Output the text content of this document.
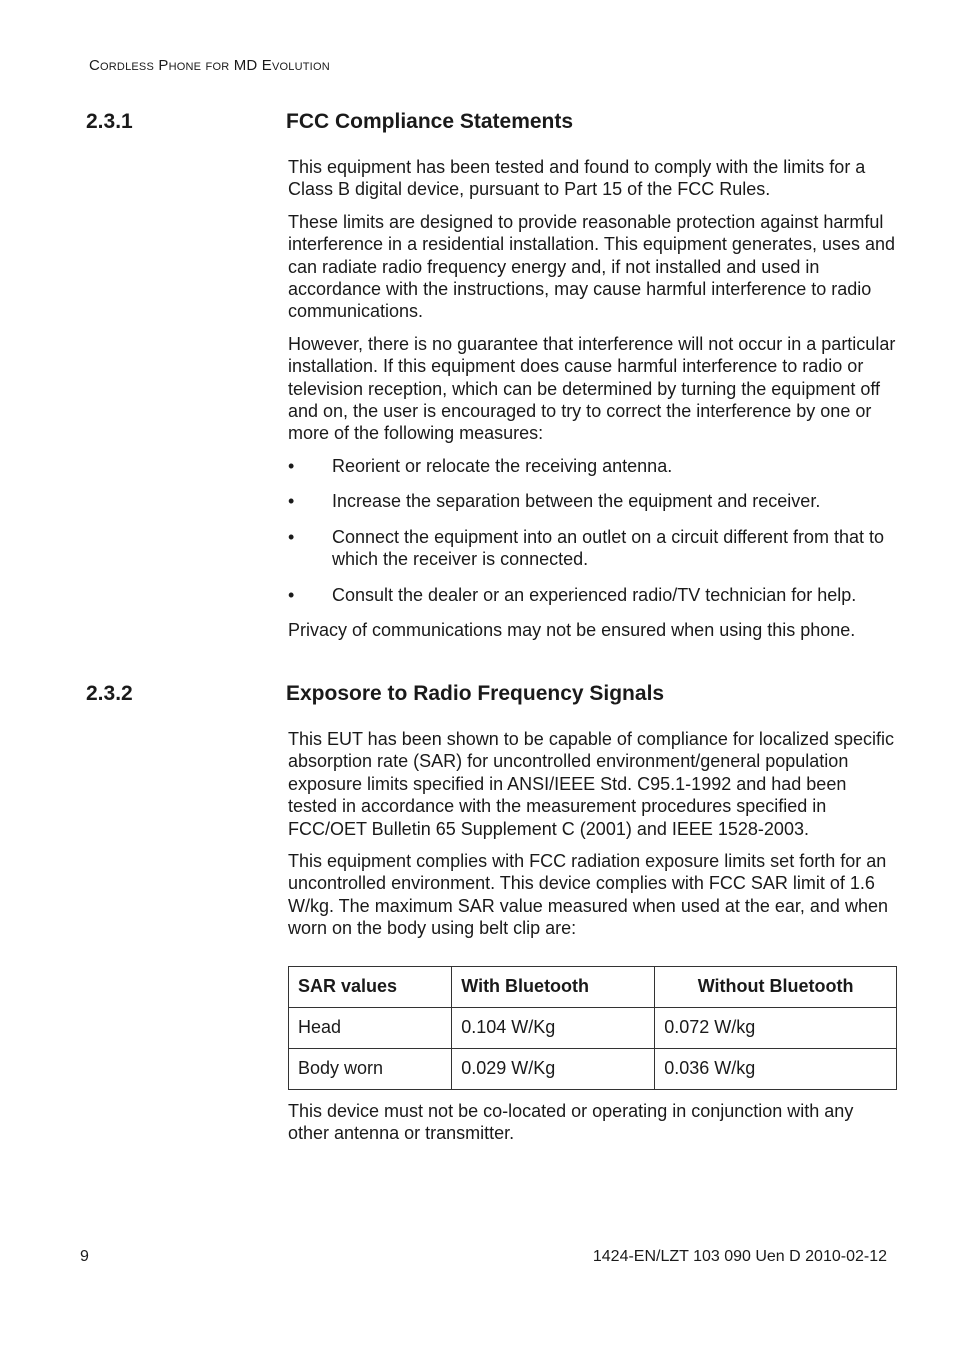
Cordless Phone for MD Evolution
2.3.1	FCC Compliance Statements

This equipment has been tested and found to comply with the limits for a Class B digital device, pursuant to Part 15 of the FCC Rules.

These limits are designed to provide reasonable protection against harmful interference in a residential installation. This equipment generates, uses and can radiate radio frequency energy and, if not installed and used in accordance with the instructions, may cause harmful interference to radio communications.

However, there is no guarantee that interference will not occur in a particular installation. If this equipment does cause harmful interference to radio or television reception, which can be determined by turning the equipment off and on, the user is encouraged to try to correct the interference by one or more of the following measures:

• Reorient or relocate the receiving antenna.
• Increase the separation between the equipment and receiver.
• Connect the equipment into an outlet on a circuit different from that to which the receiver is connected.
• Consult the dealer or an experienced radio/TV technician for help.

Privacy of communications may not be ensured when using this phone.

2.3.2	Exposore to Radio Frequency Signals

This EUT has been shown to be capable of compliance for localized specific absorption rate (SAR) for uncontrolled environment/general population exposure limits specified in ANSI/IEEE Std. C95.1-1992 and had been tested in accordance with the measurement procedures specified in FCC/OET Bulletin 65 Supplement C (2001) and IEEE 1528-2003.

This equipment complies with FCC radiation exposure limits set forth for an uncontrolled environment. This device complies with FCC SAR limit of 1.6 W/kg. The maximum SAR value measured when used at the ear, and when worn on the body using belt clip are:

SAR values	With Bluetooth	Without Bluetooth
Head	0.104 W/Kg	0.072 W/kg
Body worn	0.029 W/Kg	0.036 W/kg

This device must not be co-located or operating in conjunction with any other antenna or transmitter.

9	1424-EN/LZT 103 090 Uen D 2010-02-12
